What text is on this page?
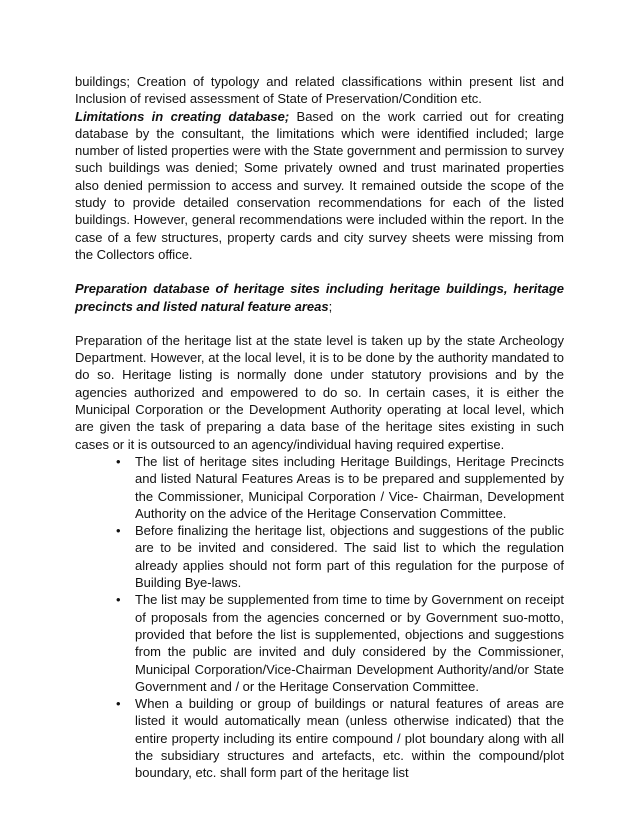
buildings; Creation of typology and related classifications within present list and Inclusion of revised assessment of State of Preservation/Condition etc.

Limitations in creating database; Based on the work carried out for creating database by the consultant, the limitations which were identified included; large number of listed properties were with the State government and permission to survey such buildings was denied; Some privately owned and trust marinated properties also denied permission to access and survey. It remained outside the scope of the study to provide detailed conservation recommendations for each of the listed buildings. However, general recommendations were included within the report. In the case of a few structures, property cards and city survey sheets were missing from the Collectors office.

Preparation database of heritage sites including heritage buildings, heritage precincts and listed natural feature areas;

Preparation of the heritage list at the state level is taken up by the state Archeology Department. However, at the local level, it is to be done by the authority mandated to do so. Heritage listing is normally done under statutory provisions and by the agencies authorized and empowered to do so. In certain cases, it is either the Municipal Corporation or the Development Authority operating at local level, which are given the task of preparing a data base of the heritage sites existing in such cases or it is outsourced to an agency/individual having required expertise.

• The list of heritage sites including Heritage Buildings, Heritage Precincts and listed Natural Features Areas is to be prepared and supplemented by the Commissioner, Municipal Corporation / Vice- Chairman, Development Authority on the advice of the Heritage Conservation Committee.
• Before finalizing the heritage list, objections and suggestions of the public are to be invited and considered. The said list to which the regulation already applies should not form part of this regulation for the purpose of Building Bye-laws.
• The list may be supplemented from time to time by Government on receipt of proposals from the agencies concerned or by Government suo-motto, provided that before the list is supplemented, objections and suggestions from the public are invited and duly considered by the Commissioner, Municipal Corporation/Vice-Chairman Development Authority/and/or State Government and / or the Heritage Conservation Committee.
• When a building or group of buildings or natural features of areas are listed it would automatically mean (unless otherwise indicated) that the entire property including its entire compound / plot boundary along with all the subsidiary structures and artefacts, etc. within the compound/plot boundary, etc. shall form part of the heritage list
